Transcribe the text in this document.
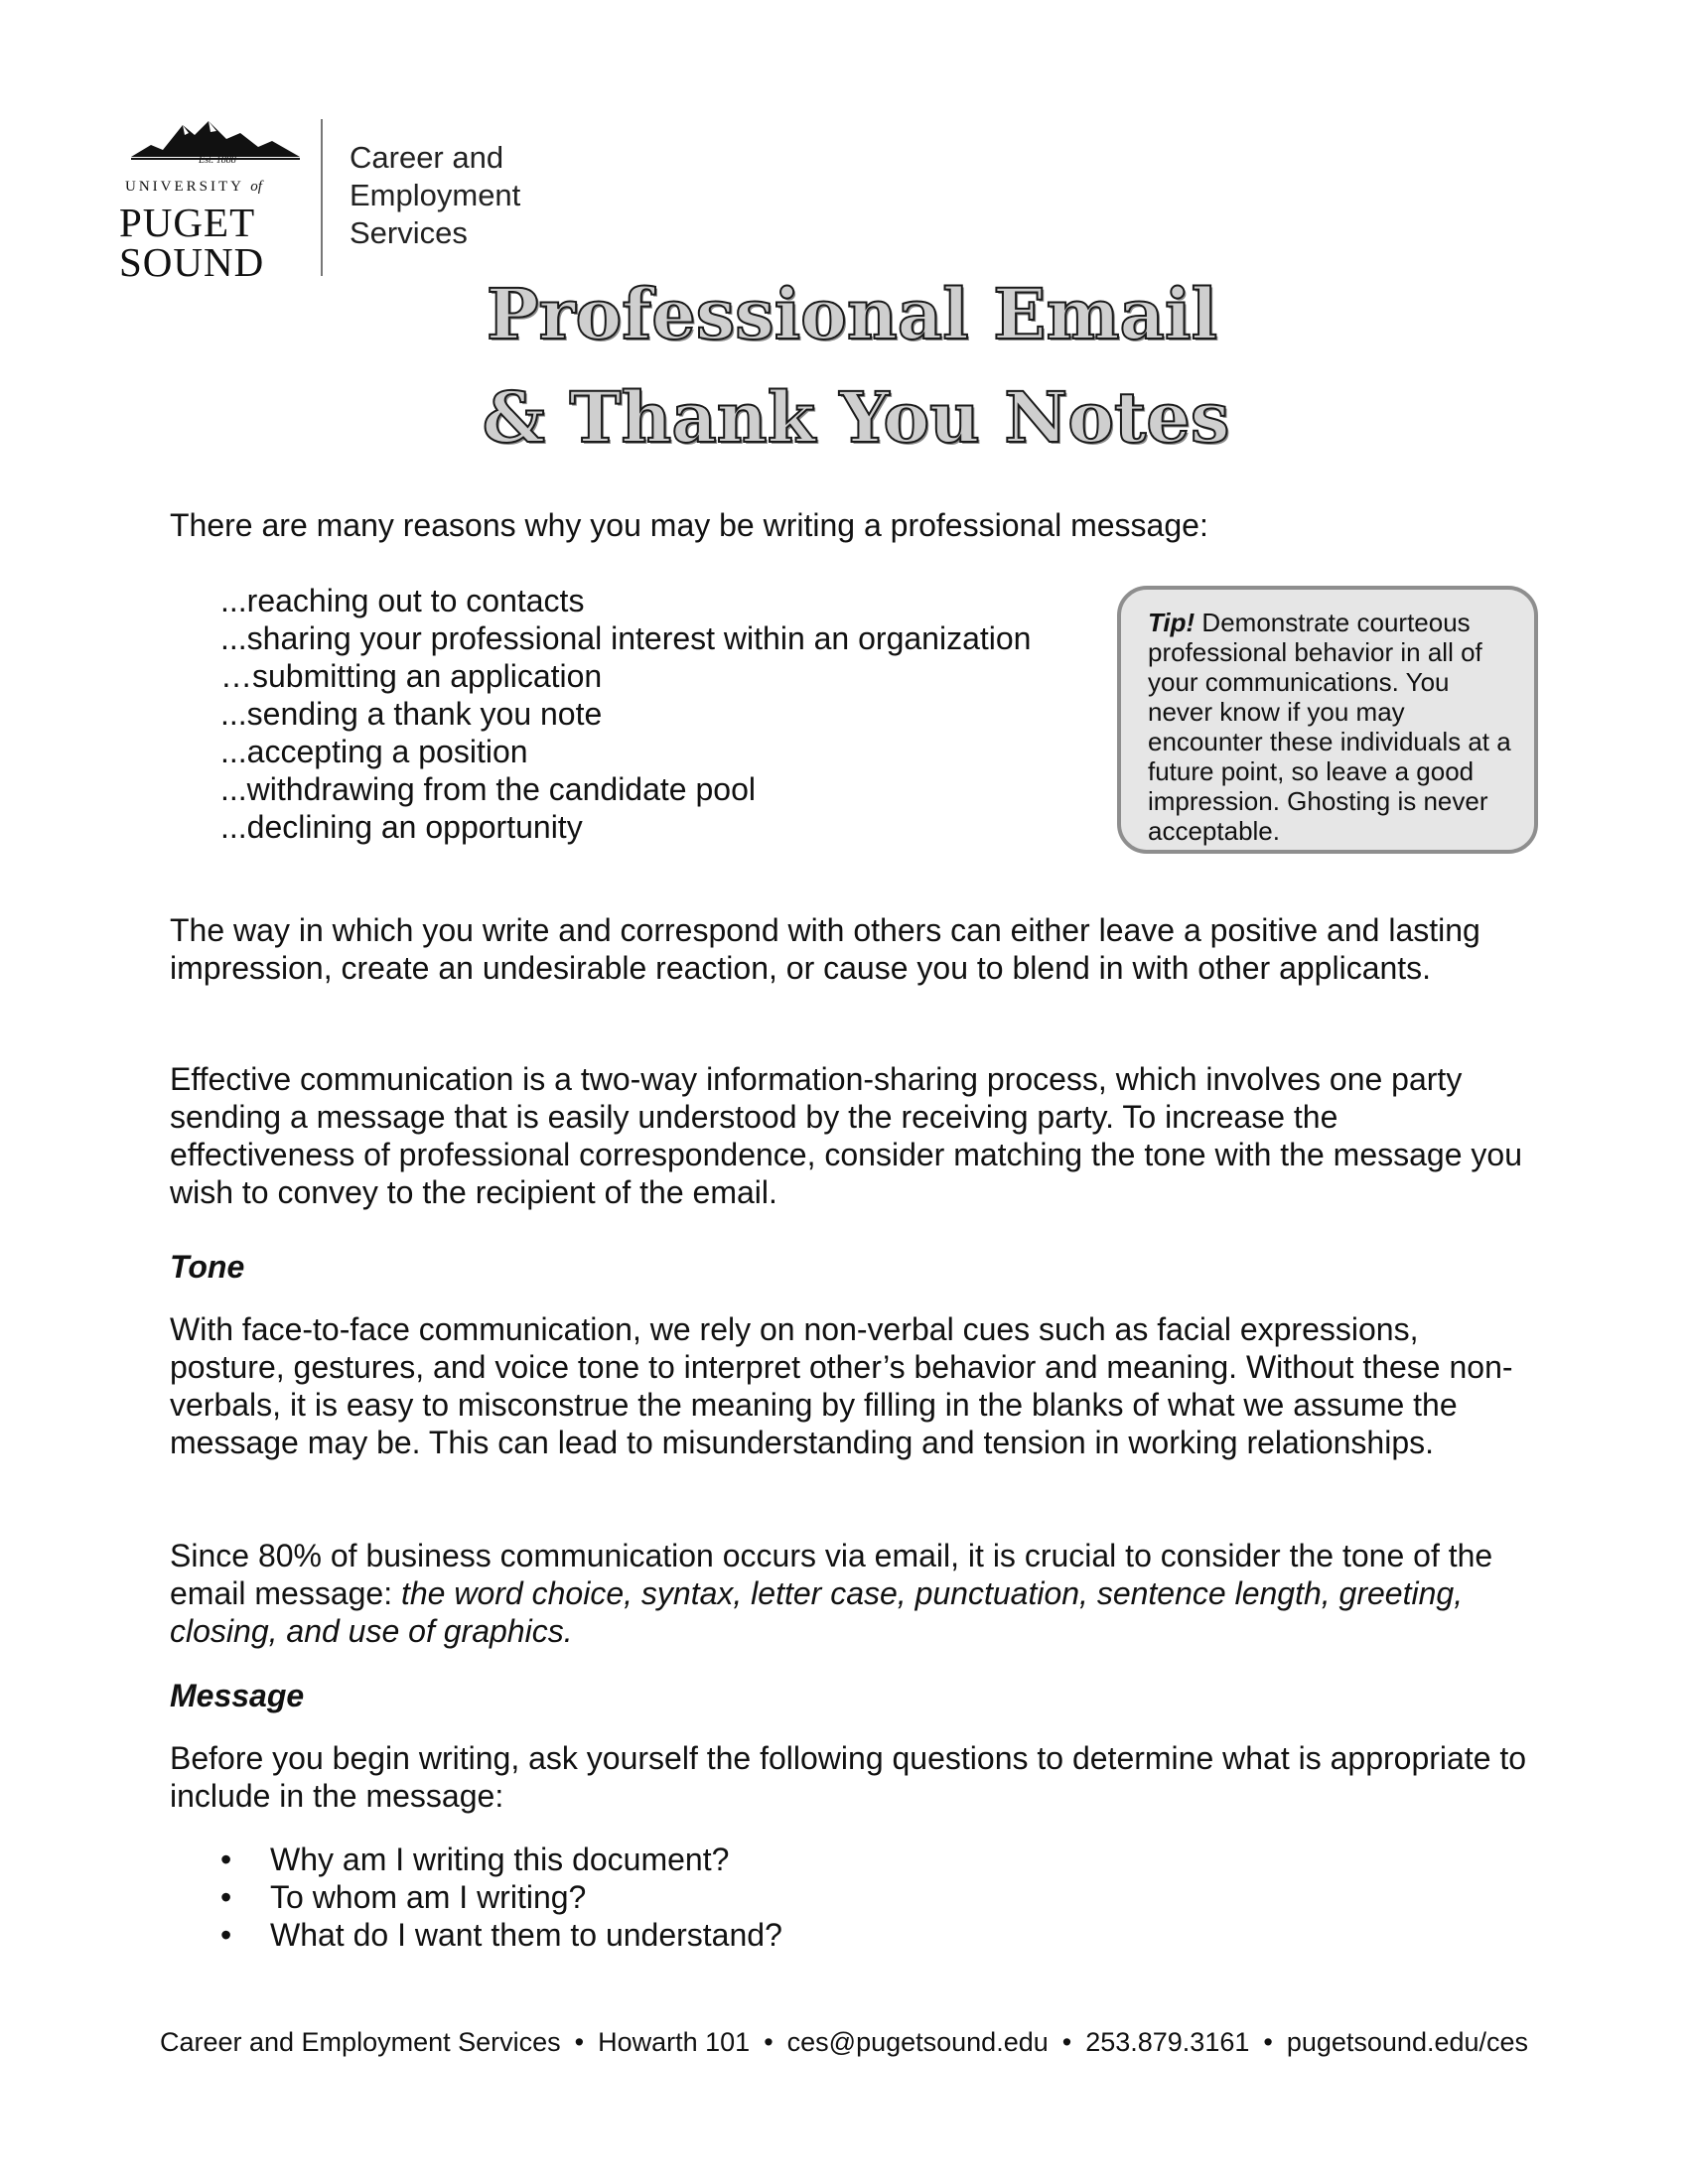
Est. 1888
UNIVERSITY of
PUGET
SOUND
Career and
Employment
Services
Professional Email
& Thank You Notes
There are many reasons why you may be writing a professional message:
...reaching out to contacts
...sharing your professional interest within an organization
…submitting an application
...sending a thank you note
...accepting a position
...withdrawing from the candidate pool
...declining an opportunity
Tip! Demonstrate courteous professional behavior in all of your communications. You never know if you may encounter these individuals at a future point, so leave a good impression. Ghosting is never acceptable.
The way in which you write and correspond with others can either leave a positive and lasting impression, create an undesirable reaction, or cause you to blend in with other applicants.
Effective communication is a two-way information-sharing process, which involves one party sending a message that is easily understood by the receiving party. To increase the effectiveness of professional correspondence, consider matching the tone with the message you wish to convey to the recipient of the email.
Tone
With face-to-face communication, we rely on non-verbal cues such as facial expressions, posture, gestures, and voice tone to interpret other’s behavior and meaning. Without these non-verbals, it is easy to misconstrue the meaning by filling in the blanks of what we assume the message may be. This can lead to misunderstanding and tension in working relationships.
Since 80% of business communication occurs via email, it is crucial to consider the tone of the email message: the word choice, syntax, letter case, punctuation, sentence length, greeting, closing, and use of graphics.
Message
Before you begin writing, ask yourself the following questions to determine what is appropriate to include in the message:
• Why am I writing this document?
• To whom am I writing?
• What do I want them to understand?
Career and Employment Services • Howarth 101 • ces@pugetsound.edu • 253.879.3161 • pugetsound.edu/ces
